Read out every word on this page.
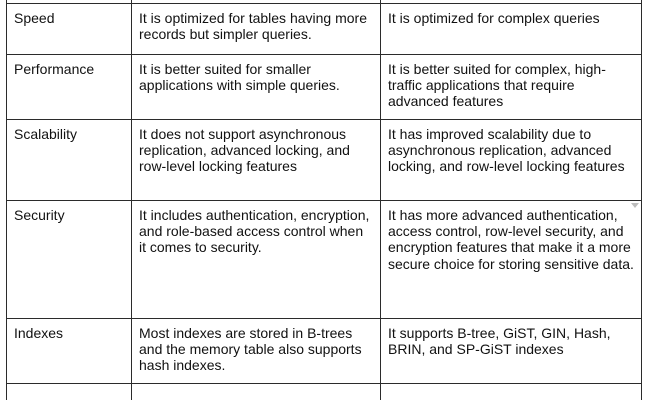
Speed	It is optimized for tables having more records but simpler queries.	It is optimized for complex queries

Performance	It is better suited for smaller applications with simple queries.	It is better suited for complex, high-traffic applications that require advanced features

Scalability	It does not support asynchronous replication, advanced locking, and row-level locking features	It has improved scalability due to asynchronous replication, advanced locking, and row-level locking features

Security	It includes authentication, encryption, and role-based access control when it comes to security.	It has more advanced authentication, access control, row-level security, and encryption features that make it a more secure choice for storing sensitive data.

Indexes	Most indexes are stored in B-trees and the memory table also supports hash indexes.	It supports B-tree, GiST, GIN, Hash, BRIN, and SP-GiST indexes
